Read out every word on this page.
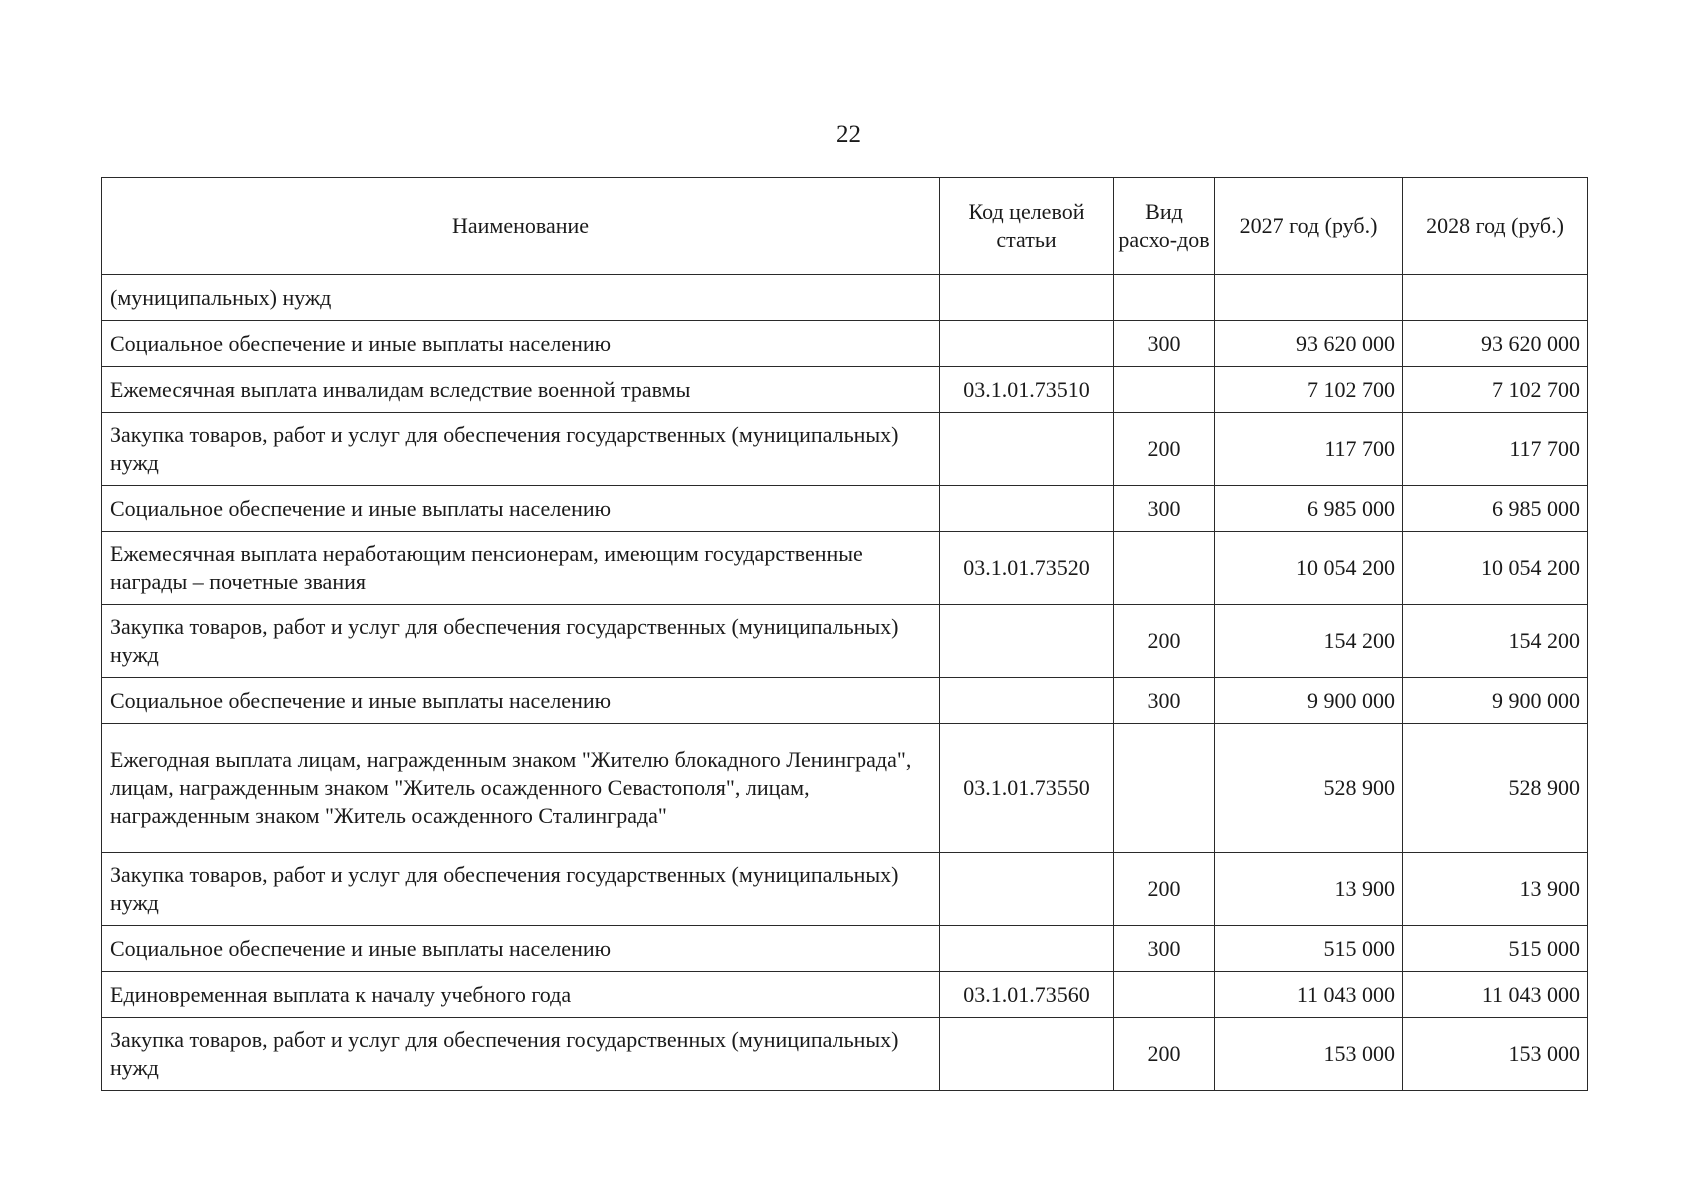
22
Наименование	Код целевой статьи	Вид расхо-дов	2027 год (руб.)	2028 год (руб.)
(муниципальных) нужд				
Социальное обеспечение и иные выплаты населению		300	93 620 000	93 620 000
Ежемесячная выплата инвалидам вследствие военной травмы	03.1.01.73510		7 102 700	7 102 700
Закупка товаров, работ и услуг для обеспечения государственных (муниципальных) нужд		200	117 700	117 700
Социальное обеспечение и иные выплаты населению		300	6 985 000	6 985 000
Ежемесячная выплата неработающим пенсионерам, имеющим государственные награды – почетные звания	03.1.01.73520		10 054 200	10 054 200
Закупка товаров, работ и услуг для обеспечения государственных (муниципальных) нужд		200	154 200	154 200
Социальное обеспечение и иные выплаты населению		300	9 900 000	9 900 000
Ежегодная выплата лицам, награжденным знаком "Жителю блокадного Ленинграда", лицам, награжденным знаком "Житель осажденного Севастополя", лицам, награжденным знаком "Житель осажденного Сталинграда"	03.1.01.73550		528 900	528 900
Закупка товаров, работ и услуг для обеспечения государственных (муниципальных) нужд		200	13 900	13 900
Социальное обеспечение и иные выплаты населению		300	515 000	515 000
Единовременная выплата к началу учебного года	03.1.01.73560		11 043 000	11 043 000
Закупка товаров, работ и услуг для обеспечения государственных (муниципальных) нужд		200	153 000	153 000
